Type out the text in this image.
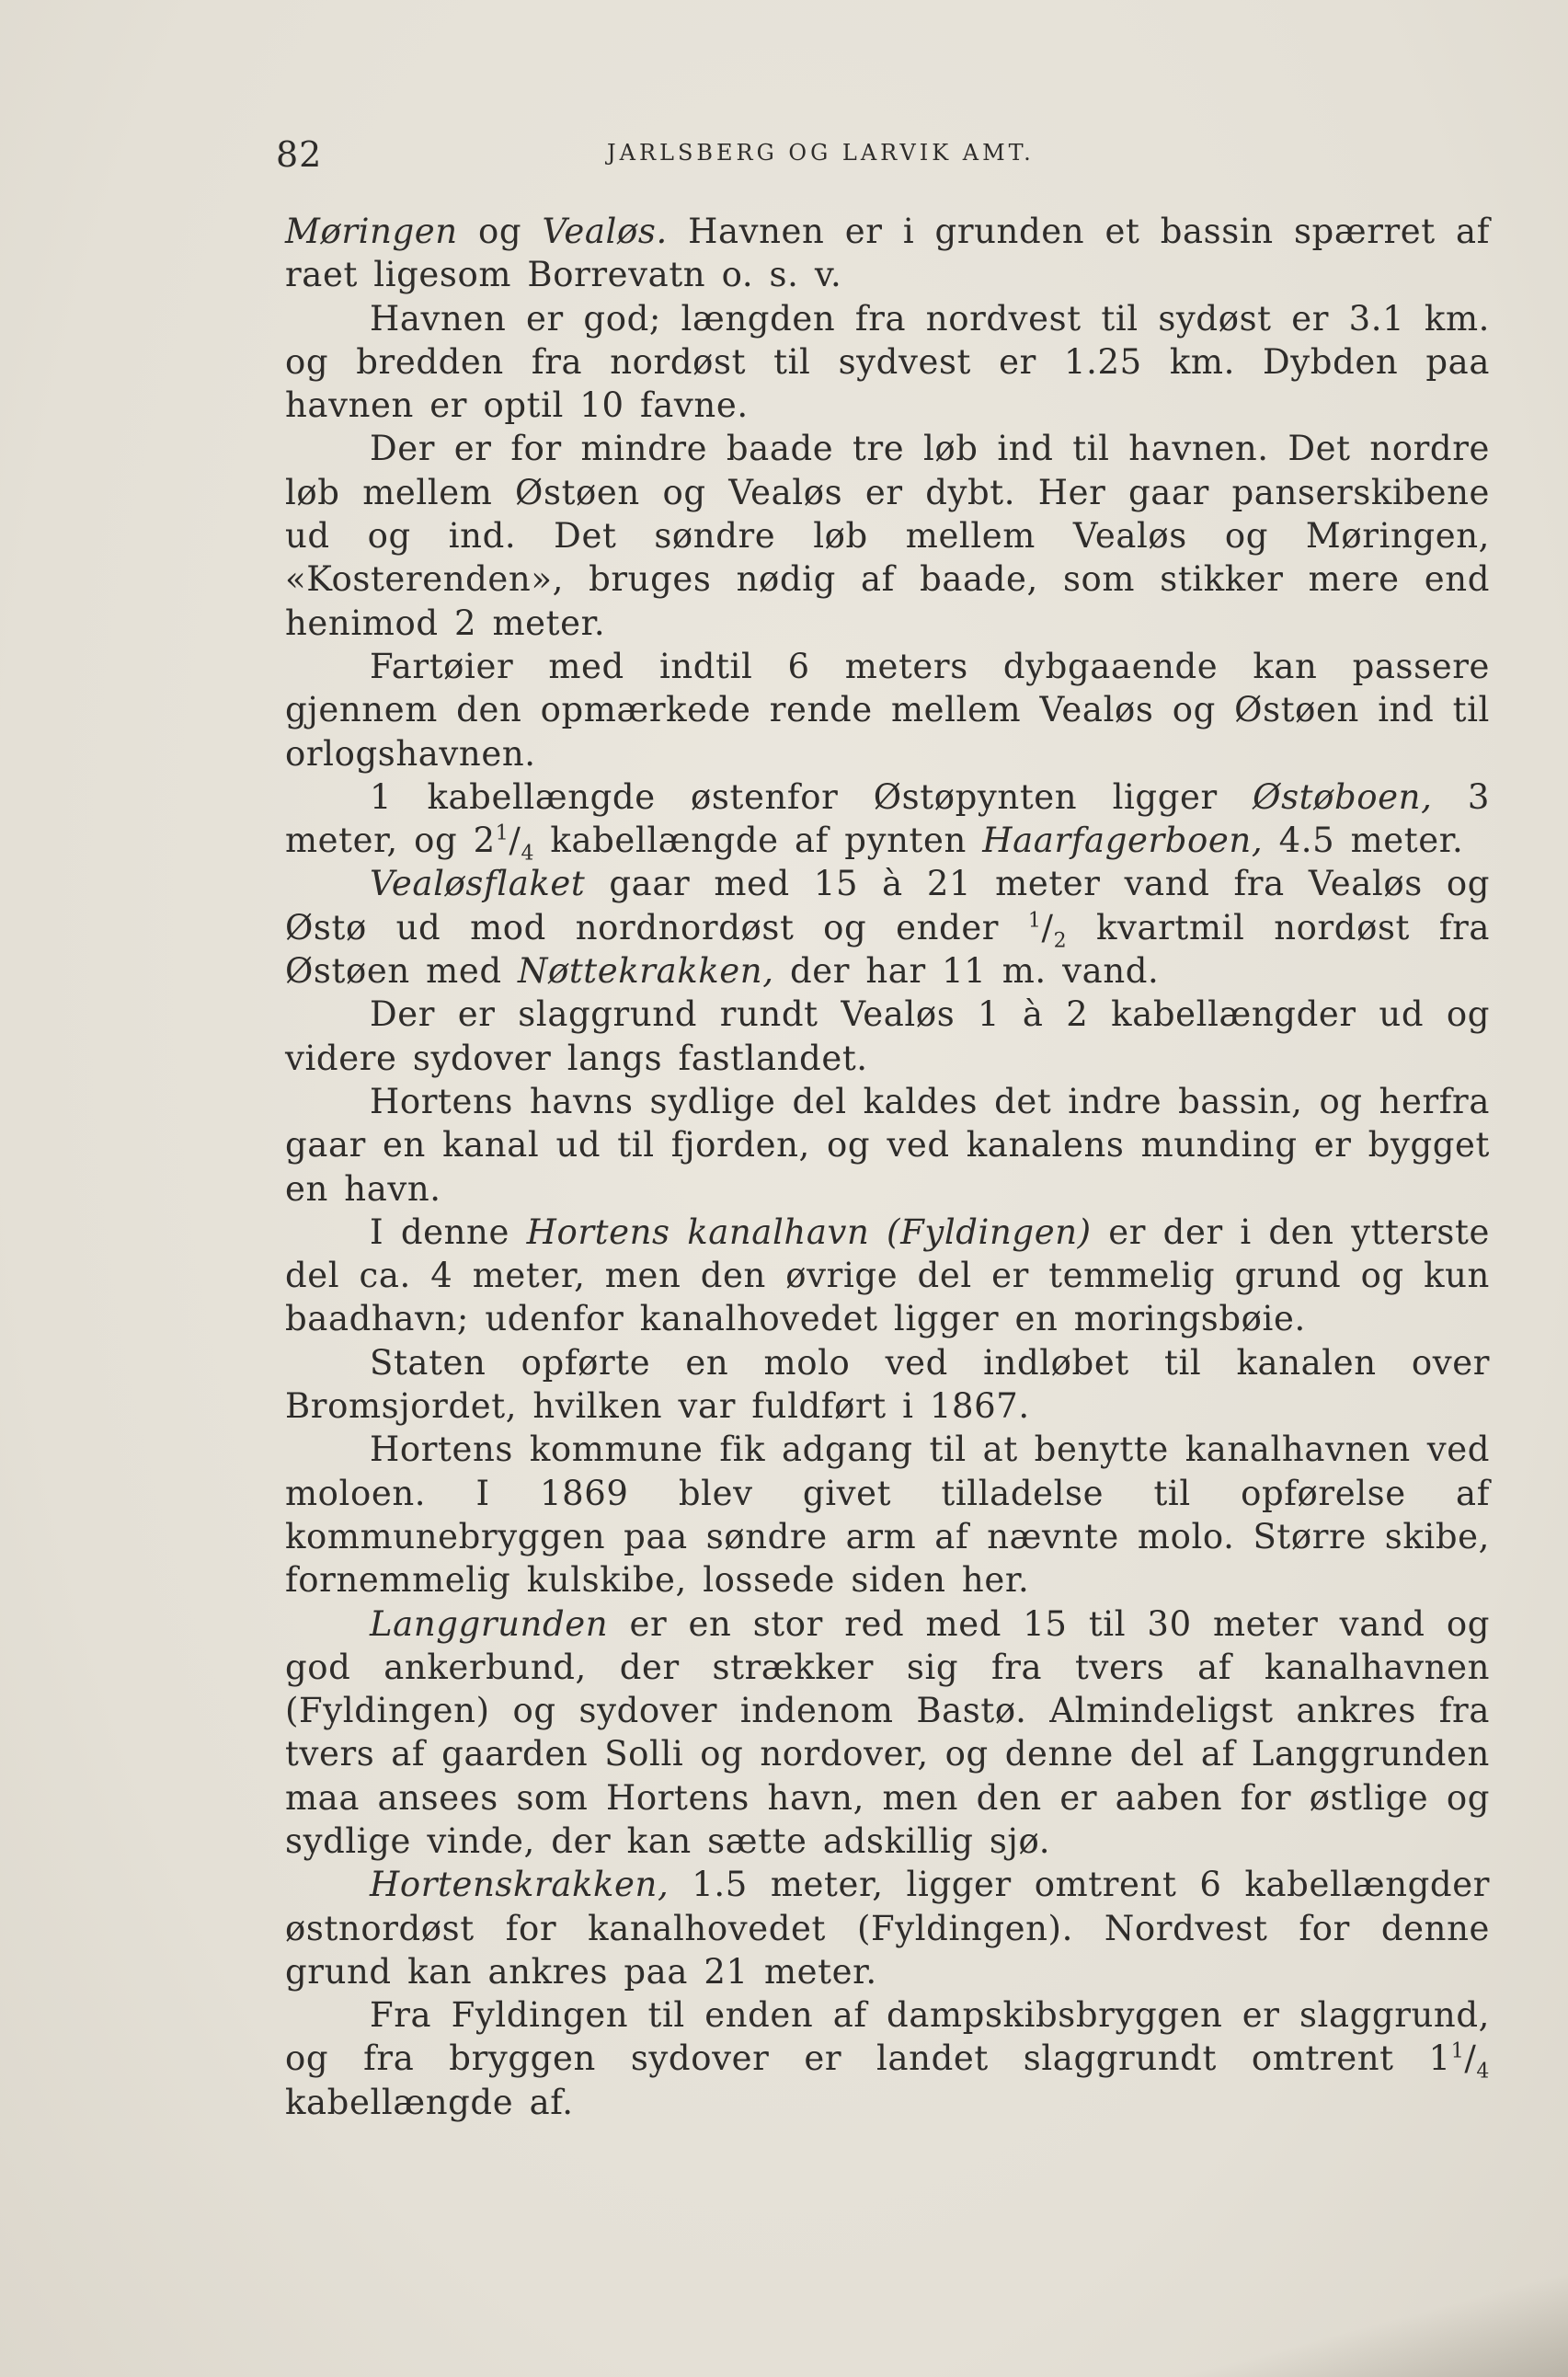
82	JARLSBERG OG LARVIK AMT.

Møringen og Vealøs. Havnen er i grunden et bassin spærret af raet ligesom Borrevatn o. s. v.

Havnen er god; længden fra nordvest til sydøst er 3.1 km. og bredden fra nordøst til sydvest er 1.25 km. Dybden paa havnen er optil 10 favne.

Der er for mindre baade tre løb ind til havnen. Det nordre løb mellem Østøen og Vealøs er dybt. Her gaar panserskibene ud og ind. Det søndre løb mellem Vealøs og Møringen, «Kosterenden», bruges nødig af baade, som stikker mere end henimod 2 meter.

Fartøier med indtil 6 meters dybgaaende kan passere gjennem den opmærkede rende mellem Vealøs og Østøen ind til orlogshavnen.

1 kabellængde østenfor Østøpynten ligger Østøboen, 3 meter, og $2^1/_4$ kabellængde af pynten Haarfagerboen, 4.5 meter.

Vealøsflaket gaar med 15 à 21 meter vand fra Vealøs og Østø ud mod nordnordøst og ender $^1/_2$ kvartmil nordøst fra Østøen med Nøttekrakken, der har 11 m. vand.

Der er slaggrund rundt Vealøs 1 à 2 kabellængder ud og videre sydover langs fastlandet.

Hortens havns sydlige del kaldes det indre bassin, og herfra gaar en kanal ud til fjorden, og ved kanalens munding er bygget en havn.

I denne Hortens kanalhavn (Fyldingen) er der i den ytterste del ca. 4 meter, men den øvrige del er temmelig grund og kun baadhavn; udenfor kanalhovedet ligger en moringsbøie.

Staten opførte en molo ved indløbet til kanalen over Bromsjordet, hvilken var fuldført i 1867.

Hortens kommune fik adgang til at benytte kanalhavnen ved moloen. I 1869 blev givet tilladelse til opførelse af kommunebryggen paa søndre arm af nævnte molo. Større skibe, fornemmelig kulskibe, lossede siden her.

Langgrunden er en stor red med 15 til 30 meter vand og god ankerbund, der strækker sig fra tvers af kanalhavnen (Fyldingen) og sydover indenom Bastø. Almindeligst ankres fra tvers af gaarden Solli og nordover, og denne del af Langgrunden maa ansees som Hortens havn, men den er aaben for østlige og sydlige vinde, der kan sætte adskillig sjø.

Hortenskrakken, 1.5 meter, ligger omtrent 6 kabellængder østnordøst for kanalhovedet (Fyldingen). Nordvest for denne grund kan ankres paa 21 meter.

Fra Fyldingen til enden af dampskibsbryggen er slaggrund, og fra bryggen sydover er landet slaggrundt omtrent $1^1/_4$ kabellængde af.
